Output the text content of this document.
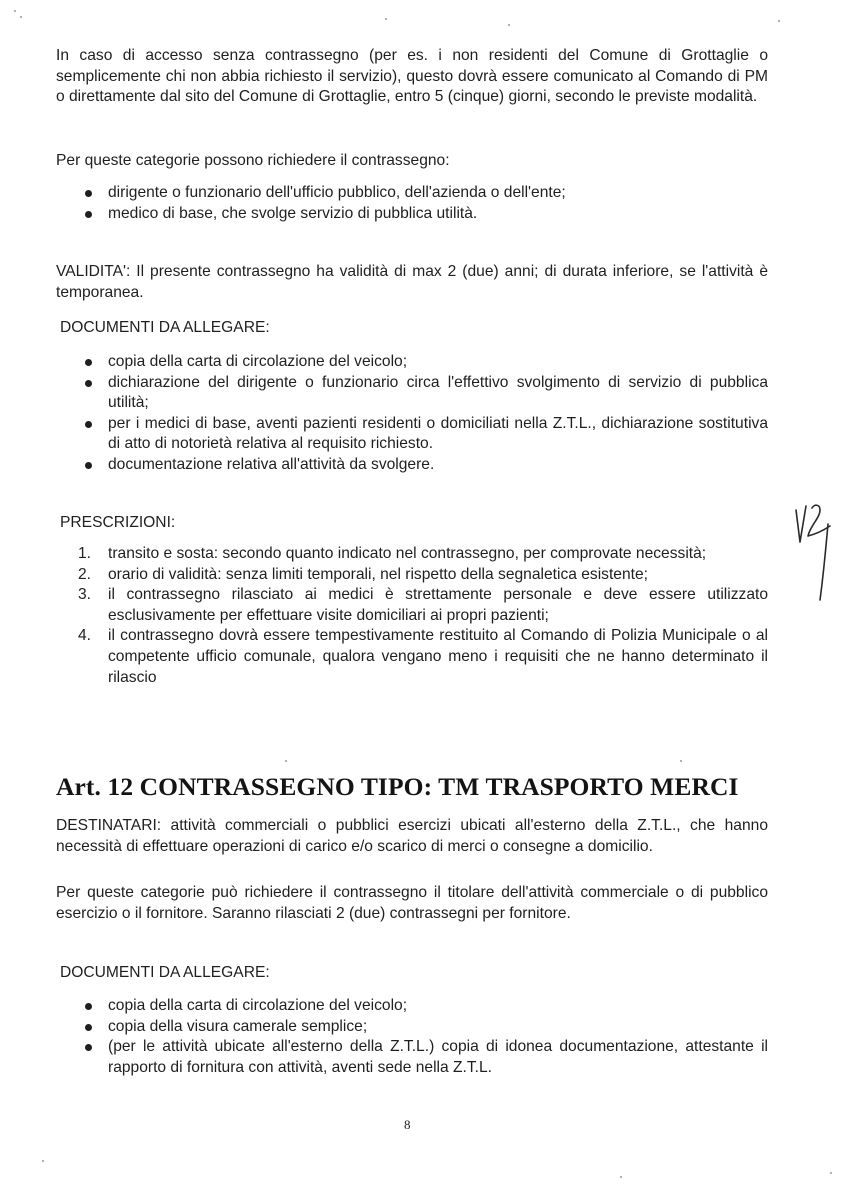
In caso di accesso senza contrassegno (per es. i non residenti del Comune di Grottaglie o semplicemente chi non abbia richiesto il servizio), questo dovrà essere comunicato al Comando di PM o direttamente dal sito del Comune di Grottaglie, entro 5 (cinque) giorni, secondo le previste modalità.

Per queste categorie possono richiedere il contrassegno:

dirigente o funzionario dell'ufficio pubblico, dell'azienda o dell'ente;
medico di base, che svolge servizio di pubblica utilità.

VALIDITA': Il presente contrassegno ha validità di max 2 (due) anni; di durata inferiore, se l'attività è temporanea.

DOCUMENTI DA ALLEGARE:

copia della carta di circolazione del veicolo;
dichiarazione del dirigente o funzionario circa l'effettivo svolgimento di servizio di pubblica utilità;
per i medici di base, aventi pazienti residenti o domiciliati nella Z.T.L., dichiarazione sostitutiva di atto di notorietà relativa al requisito richiesto.
documentazione relativa all'attività da svolgere.

PRESCRIZIONI:

1. transito e sosta: secondo quanto indicato nel contrassegno, per comprovate necessità;
2. orario di validità: senza limiti temporali, nel rispetto della segnaletica esistente;
3. il contrassegno rilasciato ai medici è strettamente personale e deve essere utilizzato esclusivamente per effettuare visite domiciliari ai propri pazienti;
4. il contrassegno dovrà essere tempestivamente restituito al Comando di Polizia Municipale o al competente ufficio comunale, qualora vengano meno i requisiti che ne hanno determinato il rilascio
Art. 12 CONTRASSEGNO TIPO: TM TRASPORTO MERCI

DESTINATARI: attività commerciali o pubblici esercizi ubicati all'esterno della Z.T.L., che hanno necessità di effettuare operazioni di carico e/o scarico di merci o consegne a domicilio.

Per queste categorie può richiedere il contrassegno il titolare dell'attività commerciale o di pubblico esercizio o il fornitore. Saranno rilasciati 2 (due) contrassegni per fornitore.

DOCUMENTI DA ALLEGARE:

copia della carta di circolazione del veicolo;
copia della visura camerale semplice;
(per le attività ubicate all'esterno della Z.T.L.) copia di idonea documentazione, attestante il rapporto di fornitura con attività, aventi sede nella Z.T.L.
8
